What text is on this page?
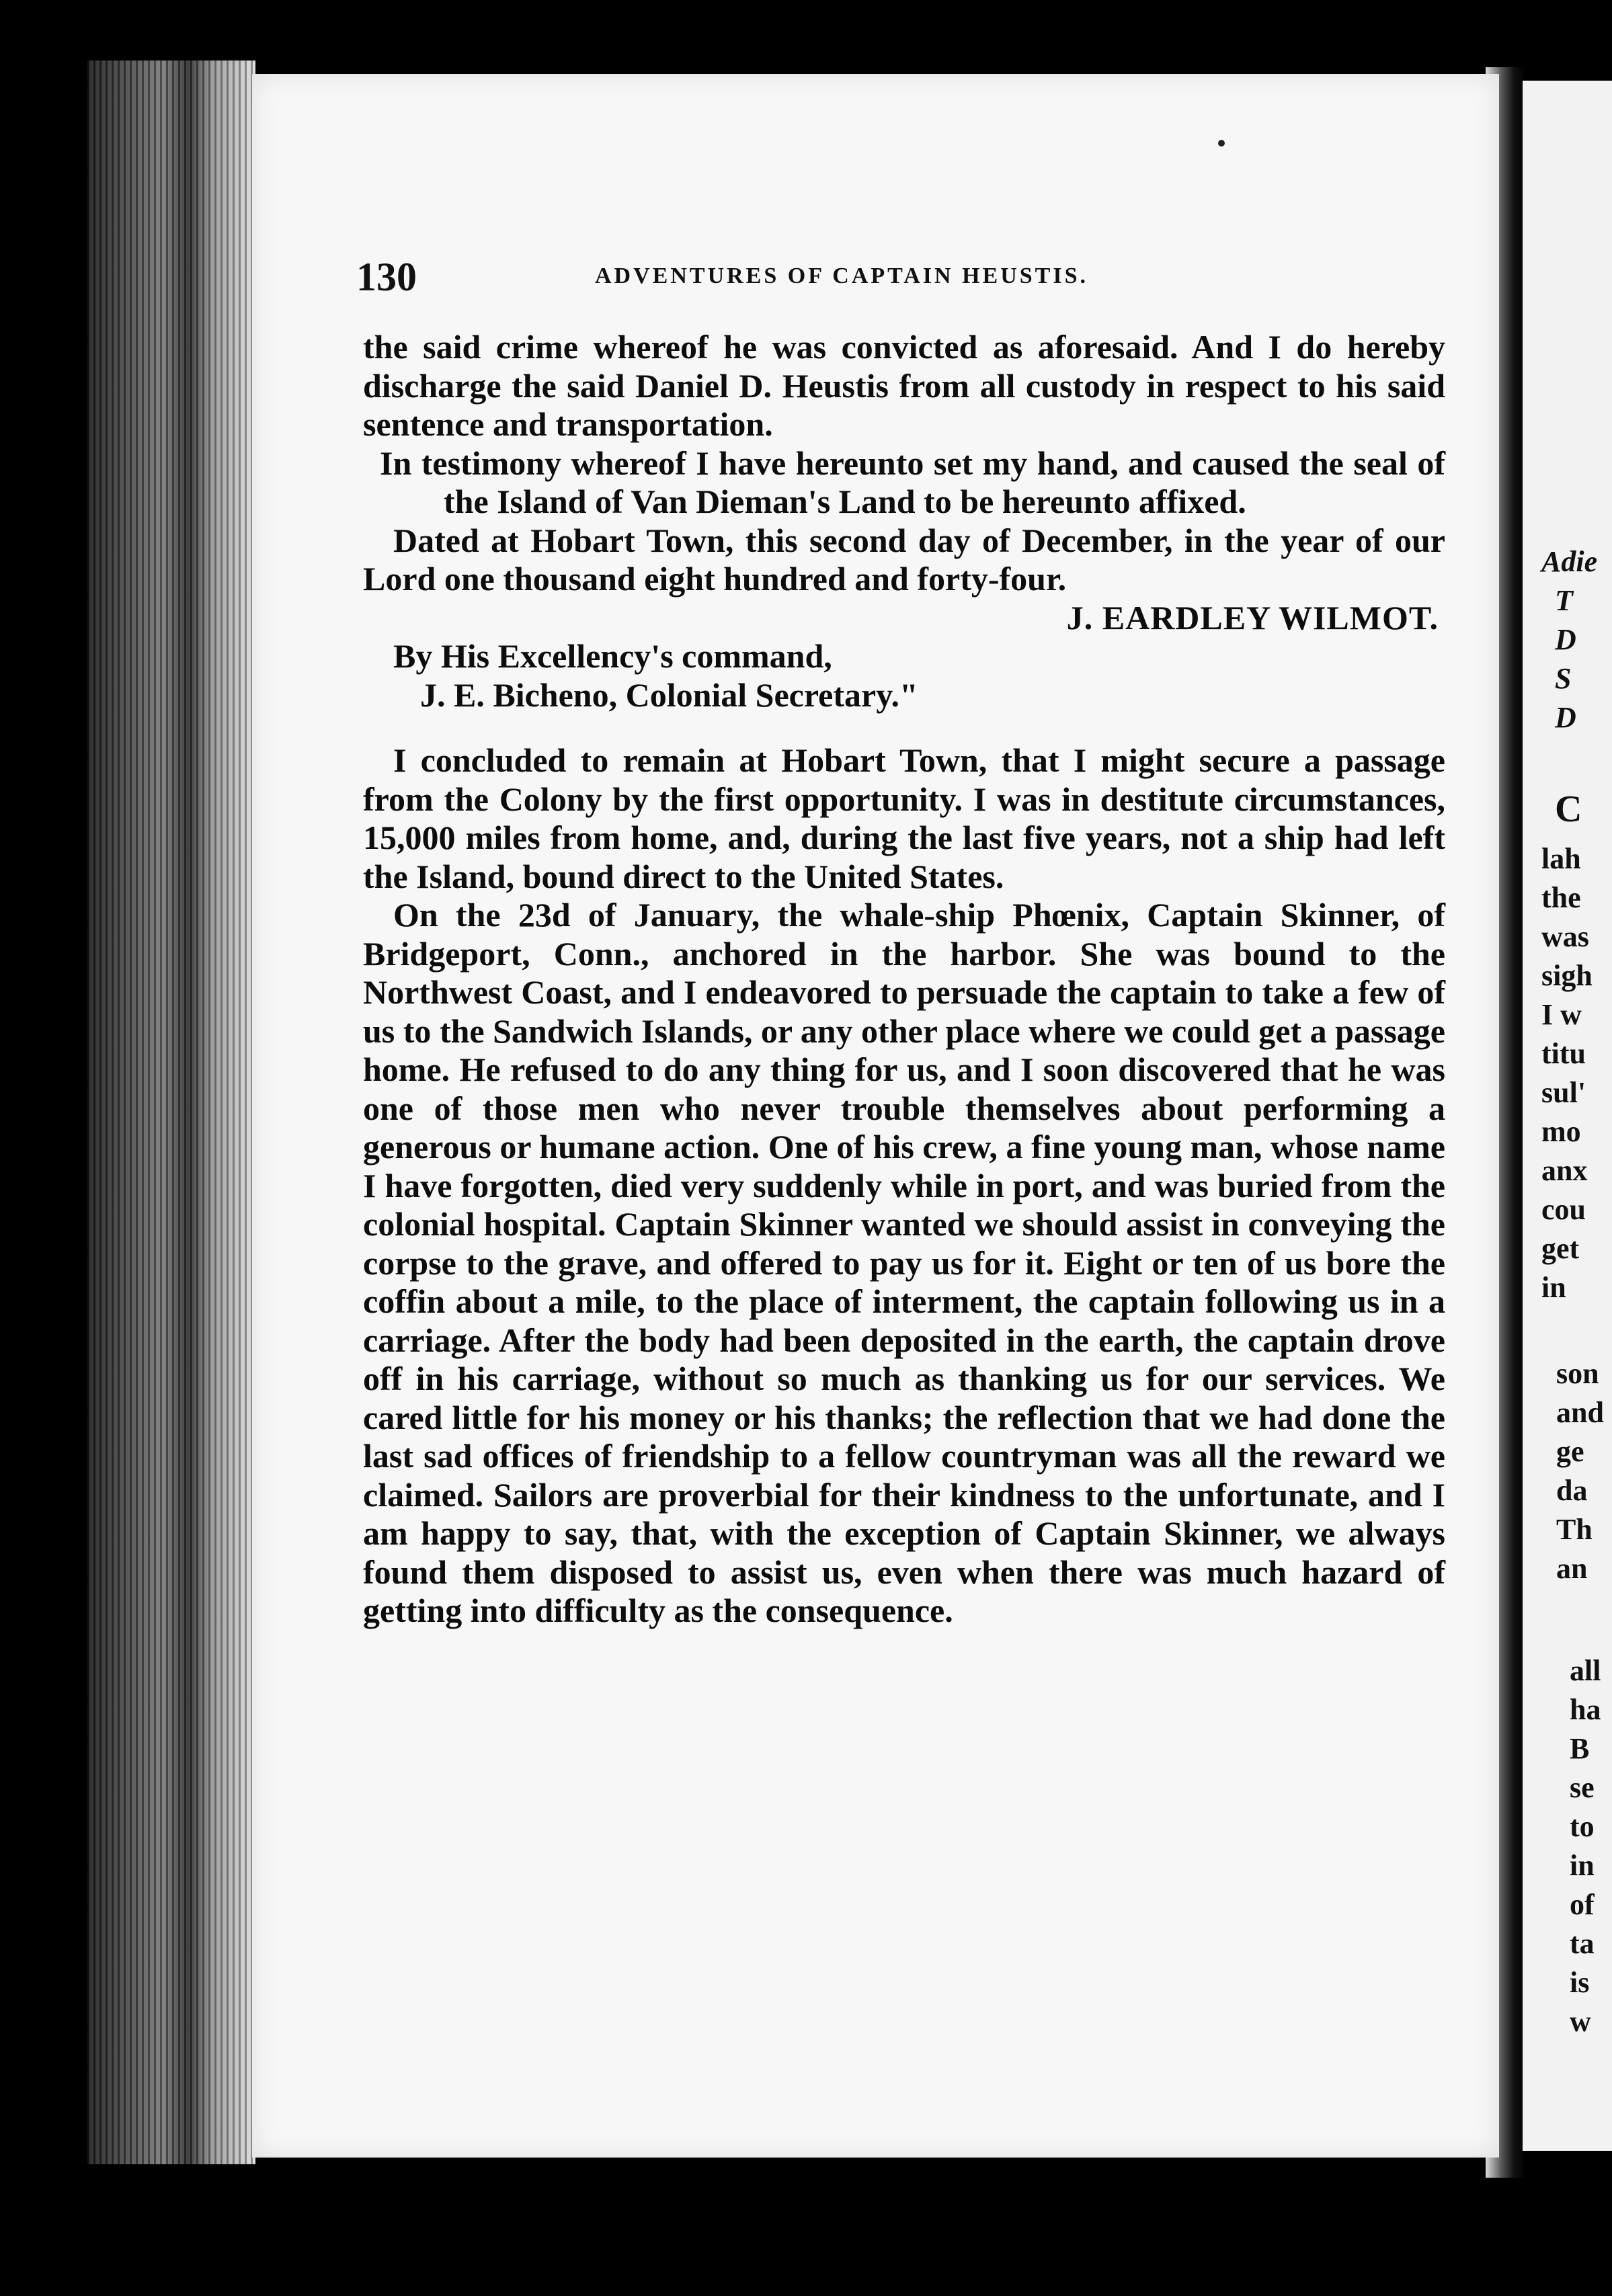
Adie
T
D
S
D
C
lah
the
was
sigh
I w
titu
sul'
mo
anx
cou
get
in
son
and
ge
da
Th
an
all
ha
B
se
to
in
of
ta
is
w
130	ADVENTURES OF CAPTAIN HEUSTIS.

the said crime whereof he was convicted as aforesaid. And I do hereby discharge the said Daniel D. Heustis from all custody in respect to his said sentence and transportation.

In testimony whereof I have hereunto set my hand, and caused the seal of the Island of Van Dieman's Land to be hereunto affixed.

Dated at Hobart Town, this second day of December, in the year of our Lord one thousand eight hundred and forty-four.

J. EARDLEY WILMOT.

By His Excellency's command,

J. E. Bicheno, Colonial Secretary."

I concluded to remain at Hobart Town, that I might secure a passage from the Colony by the first opportunity. I was in destitute circumstances, 15,000 miles from home, and, during the last five years, not a ship had left the Island, bound direct to the United States.

On the 23d of January, the whale-ship Phœnix, Captain Skinner, of Bridgeport, Conn., anchored in the harbor. She was bound to the Northwest Coast, and I endeavored to persuade the captain to take a few of us to the Sandwich Islands, or any other place where we could get a passage home. He refused to do any thing for us, and I soon discovered that he was one of those men who never trouble themselves about performing a generous or humane action. One of his crew, a fine young man, whose name I have forgotten, died very suddenly while in port, and was buried from the colonial hospital. Captain Skinner wanted we should assist in conveying the corpse to the grave, and offered to pay us for it. Eight or ten of us bore the coffin about a mile, to the place of interment, the captain following us in a carriage. After the body had been deposited in the earth, the captain drove off in his carriage, without so much as thanking us for our services. We cared little for his money or his thanks; the reflection that we had done the last sad offices of friendship to a fellow countryman was all the reward we claimed. Sailors are proverbial for their kindness to the unfortunate, and I am happy to say, that, with the exception of Captain Skinner, we always found them disposed to assist us, even when there was much hazard of getting into difficulty as the consequence.
